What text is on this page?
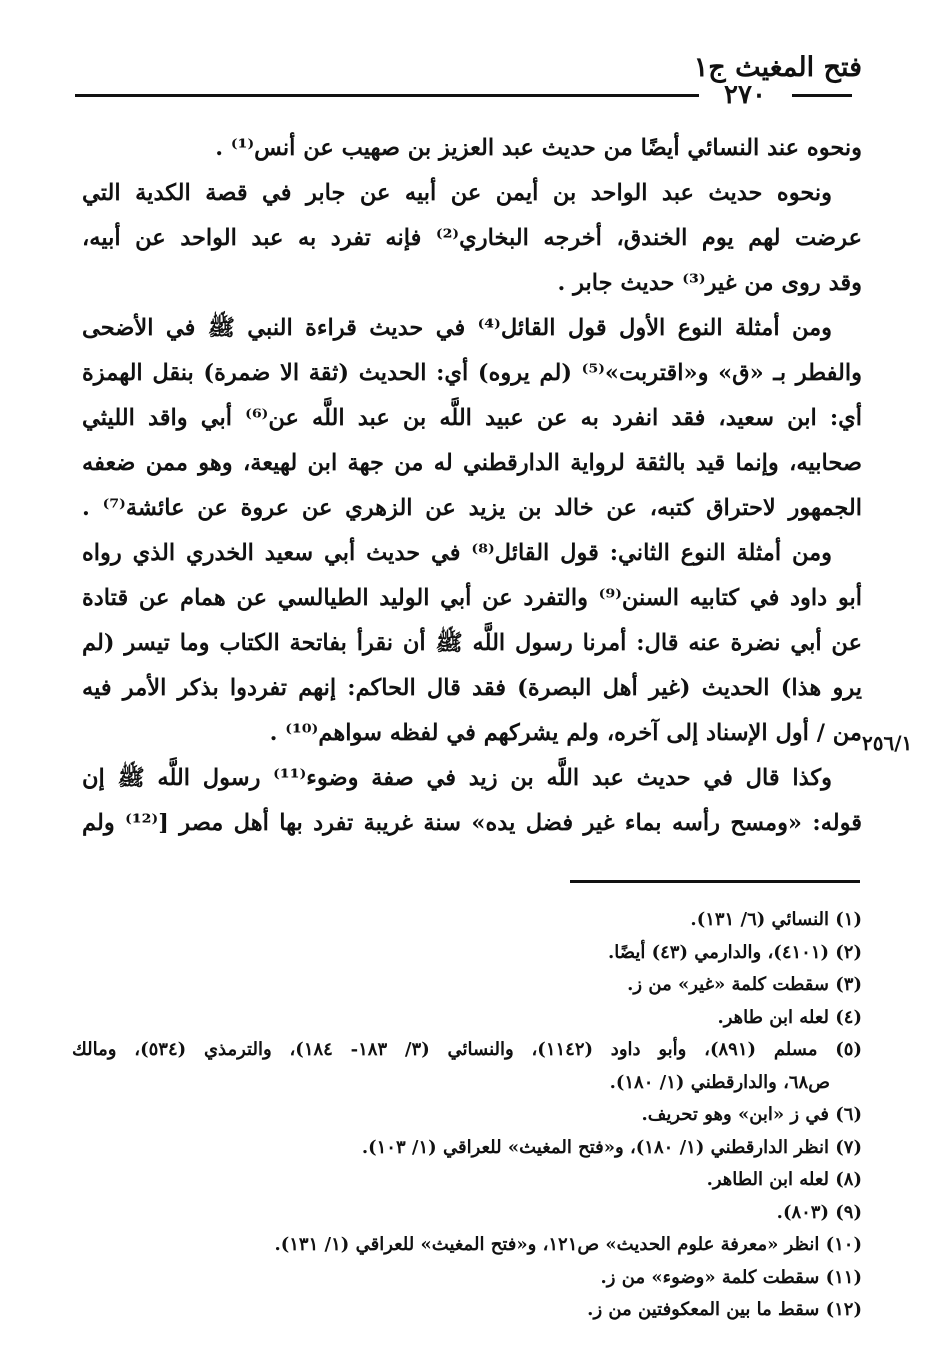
فتح المغيث ج١
٢٧٠
ونحوه عند النسائي أيضًا من حديث عبد العزيز بن صهيب عن أنس⁽¹⁾ .
ونحوه حديث عبد الواحد بن أيمن عن أبيه عن جابر في قصة الكدية التي
عرضت لهم يوم الخندق، أخرجه البخاري⁽²⁾ فإنه تفرد به عبد الواحد عن أبيه،
وقد روى من غير⁽³⁾ حديث جابر .
ومن أمثلة النوع الأول قول القائل⁽⁴⁾ في حديث قراءة النبي ﷺ في الأضحى
والفطر بـ «ق» و«اقتربت»⁽⁵⁾ (لم يروه) أي: الحديث (ثقة الا ضمرة) بنقل الهمزة
أي: ابن سعيد، فقد انفرد به عن عبيد اللَّه بن عبد اللَّه عن⁽⁶⁾ أبي واقد الليثي
صحابيه، وإنما قيد بالثقة لرواية الدارقطني له من جهة ابن لهيعة، وهو ممن ضعفه
الجمهور لاحتراق كتبه، عن خالد بن يزيد عن الزهري عن عروة عن عائشة⁽⁷⁾ .
ومن أمثلة النوع الثاني: قول القائل⁽⁸⁾ في حديث أبي سعيد الخدري الذي رواه
أبو داود في كتابيه السنن⁽⁹⁾ والتفرد عن أبي الوليد الطيالسي عن همام عن قتادة
عن أبي نضرة عنه قال: أمرنا رسول اللَّه ﷺ أن نقرأ بفاتحة الكتاب وما تيسر (لم
يرو هذا) الحديث (غير أهل البصرة) فقد قال الحاكم: إنهم تفردوا بذكر الأمر فيه
من / أول الإسناد إلى آخره، ولم يشركهم في لفظه سواهم⁽¹⁰⁾ .
وكذا قال في حديث عبد اللَّه بن زيد في صفة وضوء⁽¹¹⁾ رسول اللَّه ﷺ إن
قوله: «ومسح رأسه بماء غير فضل يده» سنة غريبة تفرد بها أهل مصر [⁽¹²⁾ ولم
٢٥٦/١
(١) النسائي (٦/ ١٣١).
(٢) (٤١٠١)، والدارمي (٤٣) أيضًا.
(٣) سقطت كلمة «غير» من ز.
(٤) لعله ابن طاهر.
(٥) مسلم (٨٩١)، وأبو داود (١١٤٢)، والنسائي (٣/ ١٨٣- ١٨٤)، والترمذي (٥٣٤)، ومالك
ص٦٨، والدارقطني (١/ ١٨٠).
(٦) في ز «ابن» وهو تحريف.
(٧) انظر الدارقطني (١/ ١٨٠)، و«فتح المغيث» للعراقي (١/ ١٠٣).
(٨) لعله ابن الطاهر.
(٩) (٨٠٣).
(١٠) انظر «معرفة علوم الحديث» ص١٢١، و«فتح المغيث» للعراقي (١/ ١٣١).
(١١) سقطت كلمة «وضوء» من ز.
(١٢) سقط ما بين المعكوفتين من ز.
